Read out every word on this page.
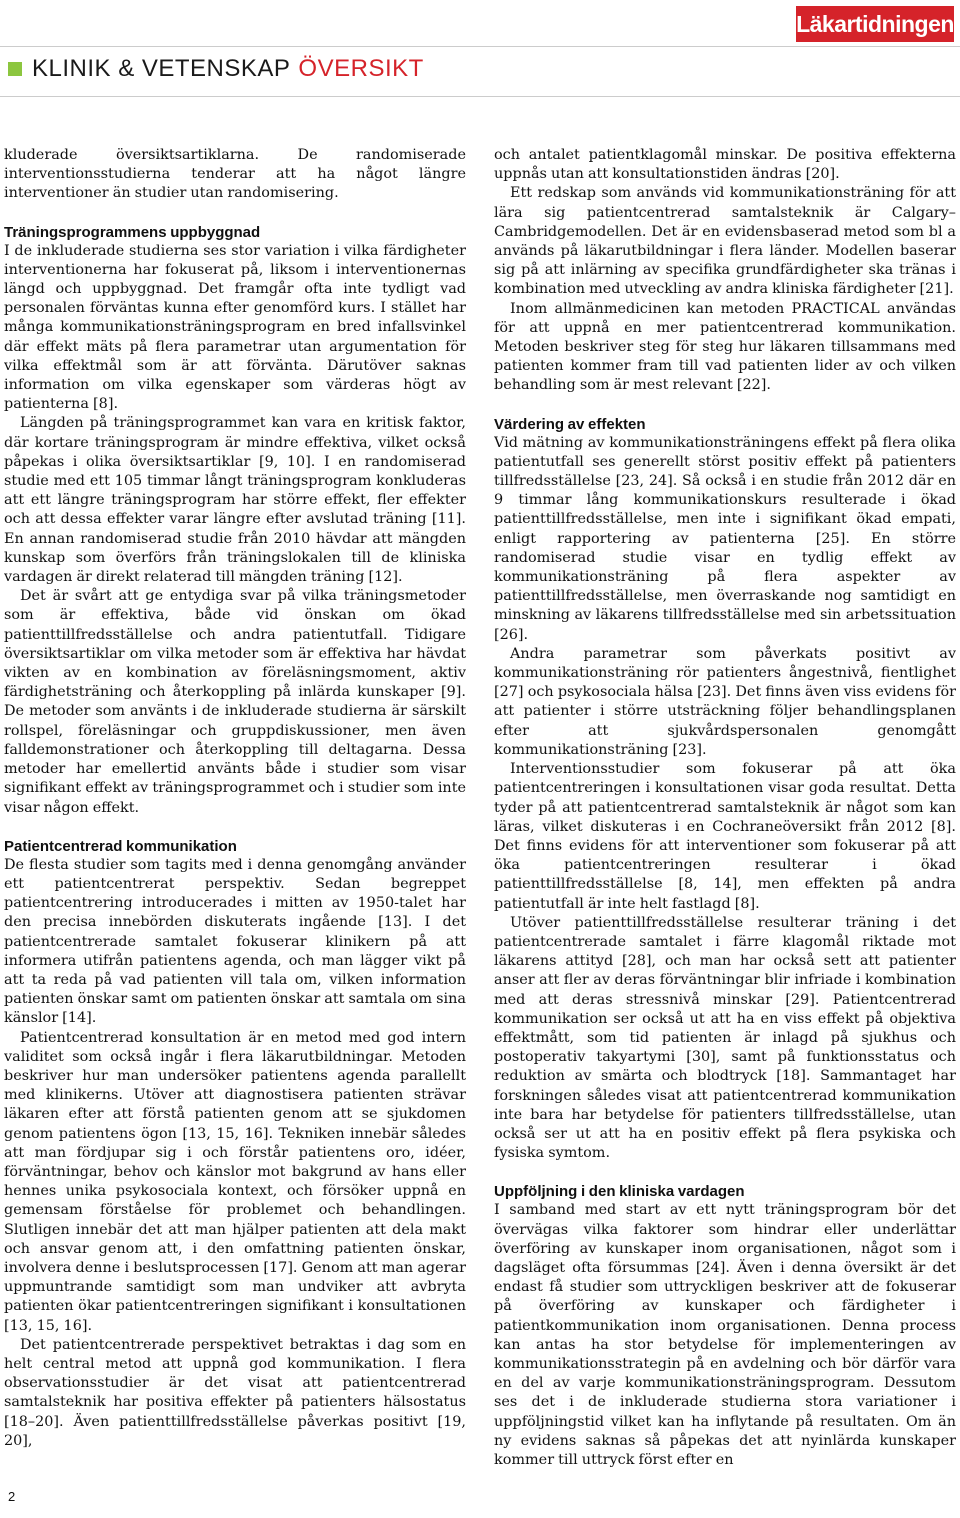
Läkartidningen
KLINIK & VETENSKAP ÖVERSIKT

kluderade översiktsartiklarna. De randomiserade interventionsstudierna tenderar att ha något längre interventioner än studier utan randomisering.

Träningsprogrammens uppbyggnad

I de inkluderade studierna ses stor variation i vilka färdigheter interventionerna har fokuserat på, liksom i interventionernas längd och uppbyggnad. Det framgår ofta inte tydligt vad personalen förväntas kunna efter genomförd kurs. I stället har många kommunikationsträningsprogram en bred infallsvinkel där effekt mäts på flera parametrar utan argumentation för vilka effektmål som är att förvänta. Därutöver saknas information om vilka egenskaper som värderas högt av patienterna [8].

Längden på träningsprogrammet kan vara en kritisk faktor, där kortare träningsprogram är mindre effektiva, vilket också påpekas i olika översiktsartiklar [9, 10]. I en randomiserad studie med ett 105 timmar långt träningsprogram konkluderas att ett längre träningsprogram har större effekt, fler effekter och att dessa effekter varar längre efter avslutad träning [11]. En annan randomiserad studie från 2010 hävdar att mängden kunskap som överförs från träningslokalen till de kliniska vardagen är direkt relaterad till mängden träning [12].

Det är svårt att ge entydiga svar på vilka träningsmetoder som är effektiva, både vid önskan om ökad patienttillfredsställelse och andra patientutfall. Tidigare översiktsartiklar om vilka metoder som är effektiva har hävdat vikten av en kombination av föreläsningsmoment, aktiv färdighetsträning och återkoppling på inlärda kunskaper [9]. De metoder som använts i de inkluderade studierna är särskilt rollspel, föreläsningar och gruppdiskussioner, men även falldemonstrationer och återkoppling till deltagarna. Dessa metoder har emellertid använts både i studier som visar signifikant effekt av träningsprogrammet och i studier som inte visar någon effekt.

Patientcentrerad kommunikation

De flesta studier som tagits med i denna genomgång använder ett patientcentrerat perspektiv. Sedan begreppet patientcentrering introducerades i mitten av 1950-talet har den precisa innebörden diskuterats ingående [13]. I det patientcentrerade samtalet fokuserar klinikern på att informera utifrån patientens agenda, och man lägger vikt på att ta reda på vad patienten vill tala om, vilken information patienten önskar samt om patienten önskar att samtala om sina känslor [14].

Patientcentrerad konsultation är en metod med god intern validitet som också ingår i flera läkarutbildningar. Metoden beskriver hur man undersöker patientens agenda parallellt med klinikerns. Utöver att diagnostisera patienten strävar läkaren efter att förstå patienten genom att se sjukdomen genom patientens ögon [13, 15, 16]. Tekniken innebär således att man fördjupar sig i och förstår patientens oro, idéer, förväntningar, behov och känslor mot bakgrund av hans eller hennes unika psykosociala kontext, och försöker uppnå en gemensam förståelse för problemet och behandlingen. Slutligen innebär det att man hjälper patienten att dela makt och ansvar genom att, i den omfattning patienten önskar, involvera denne i beslutsprocessen [17]. Genom att man agerar uppmuntrande samtidigt som man undviker att avbryta patienten ökar patientcentreringen signifikant i konsultationen [13, 15, 16].

Det patientcentrerade perspektivet betraktas i dag som en helt central metod att uppnå god kommunikation. I flera observationsstudier är det visat att patientcentrerad samtalsteknik har positiva effekter på patienters hälsostatus [18–20]. Även patienttillfredsställelse påverkas positivt [19, 20],

och antalet patientklagomål minskar. De positiva effekterna uppnås utan att konsultationstiden ändras [20].

Ett redskap som används vid kommunikationsträning för att lära sig patientcentrerad samtalsteknik är Calgary–Cambridgemodellen. Det är en evidensbaserad metod som bl a används på läkarutbildningar i flera länder. Modellen baserar sig på att inlärning av specifika grundfärdigheter ska tränas i kombination med utveckling av andra kliniska färdigheter [21].

Inom allmänmedicinen kan metoden PRACTICAL användas för att uppnå en mer patientcentrerad kommunikation. Metoden beskriver steg för steg hur läkaren tillsammans med patienten kommer fram till vad patienten lider av och vilken behandling som är mest relevant [22].

Värdering av effekten

Vid mätning av kommunikationsträningens effekt på flera olika patientutfall ses generellt störst positiv effekt på patienters tillfredsställelse [23, 24]. Så också i en studie från 2012 där en 9 timmar lång kommunikationskurs resulterade i ökad patienttillfredsställelse, men inte i signifikant ökad empati, enligt rapportering av patienterna [25]. En större randomiserad studie visar en tydlig effekt av kommunikationsträning på flera aspekter av patienttillfredsställelse, men överraskande nog samtidigt en minskning av läkarens tillfredsställelse med sin arbetssituation [26].

Andra parametrar som påverkats positivt av kommunikationsträning rör patienters ångestnivå, fientlighet [27] och psykosociala hälsa [23]. Det finns även viss evidens för att patienter i större utsträckning följer behandlingsplanen efter att sjukvårdspersonalen genomgått kommunikationsträning [23].

Interventionsstudier som fokuserar på att öka patientcentreringen i konsultationen visar goda resultat. Detta tyder på att patientcentrerad samtalsteknik är något som kan läras, vilket diskuteras i en Cochraneöversikt från 2012 [8]. Det finns evidens för att interventioner som fokuserar på att öka patientcentreringen resulterar i ökad patienttillfredsställelse [8, 14], men effekten på andra patientutfall är inte helt fastlagd [8].

Utöver patienttillfredsställelse resulterar träning i det patientcentrerade samtalet i färre klagomål riktade mot läkarens attityd [28], och man har också sett att patienter anser att fler av deras förväntningar blir infriade i kombination med att deras stressnivå minskar [29]. Patientcentrerad kommunikation ser också ut att ha en viss effekt på objektiva effektmått, som tid patienten är inlagd på sjukhus och postoperativ takyartymi [30], samt på funktionsstatus och reduktion av smärta och blodtryck [18]. Sammantaget har forskningen således visat att patientcentrerad kommunikation inte bara har betydelse för patienters tillfredsställelse, utan också ser ut att ha en positiv effekt på flera psykiska och fysiska symtom.

Uppföljning i den kliniska vardagen

I samband med start av ett nytt träningsprogram bör det övervägas vilka faktorer som hindrar eller underlättar överföring av kunskaper inom organisationen, något som i dagsläget ofta försummas [24]. Även i denna översikt är det endast få studier som uttryckligen beskriver att de fokuserar på överföring av kunskaper och färdigheter i patientkommunikation inom organisationen. Denna process kan antas ha stor betydelse för implementeringen av kommunikationsstrategin på en avdelning och bör därför vara en del av varje kommunikationsträningsprogram. Dessutom ses det i de inkluderade studierna stora variationer i uppföljningstid vilket kan ha inflytande på resultaten. Om än ny evidens saknas så påpekas det att nyinlärda kunskaper kommer till uttryck först efter en

2
